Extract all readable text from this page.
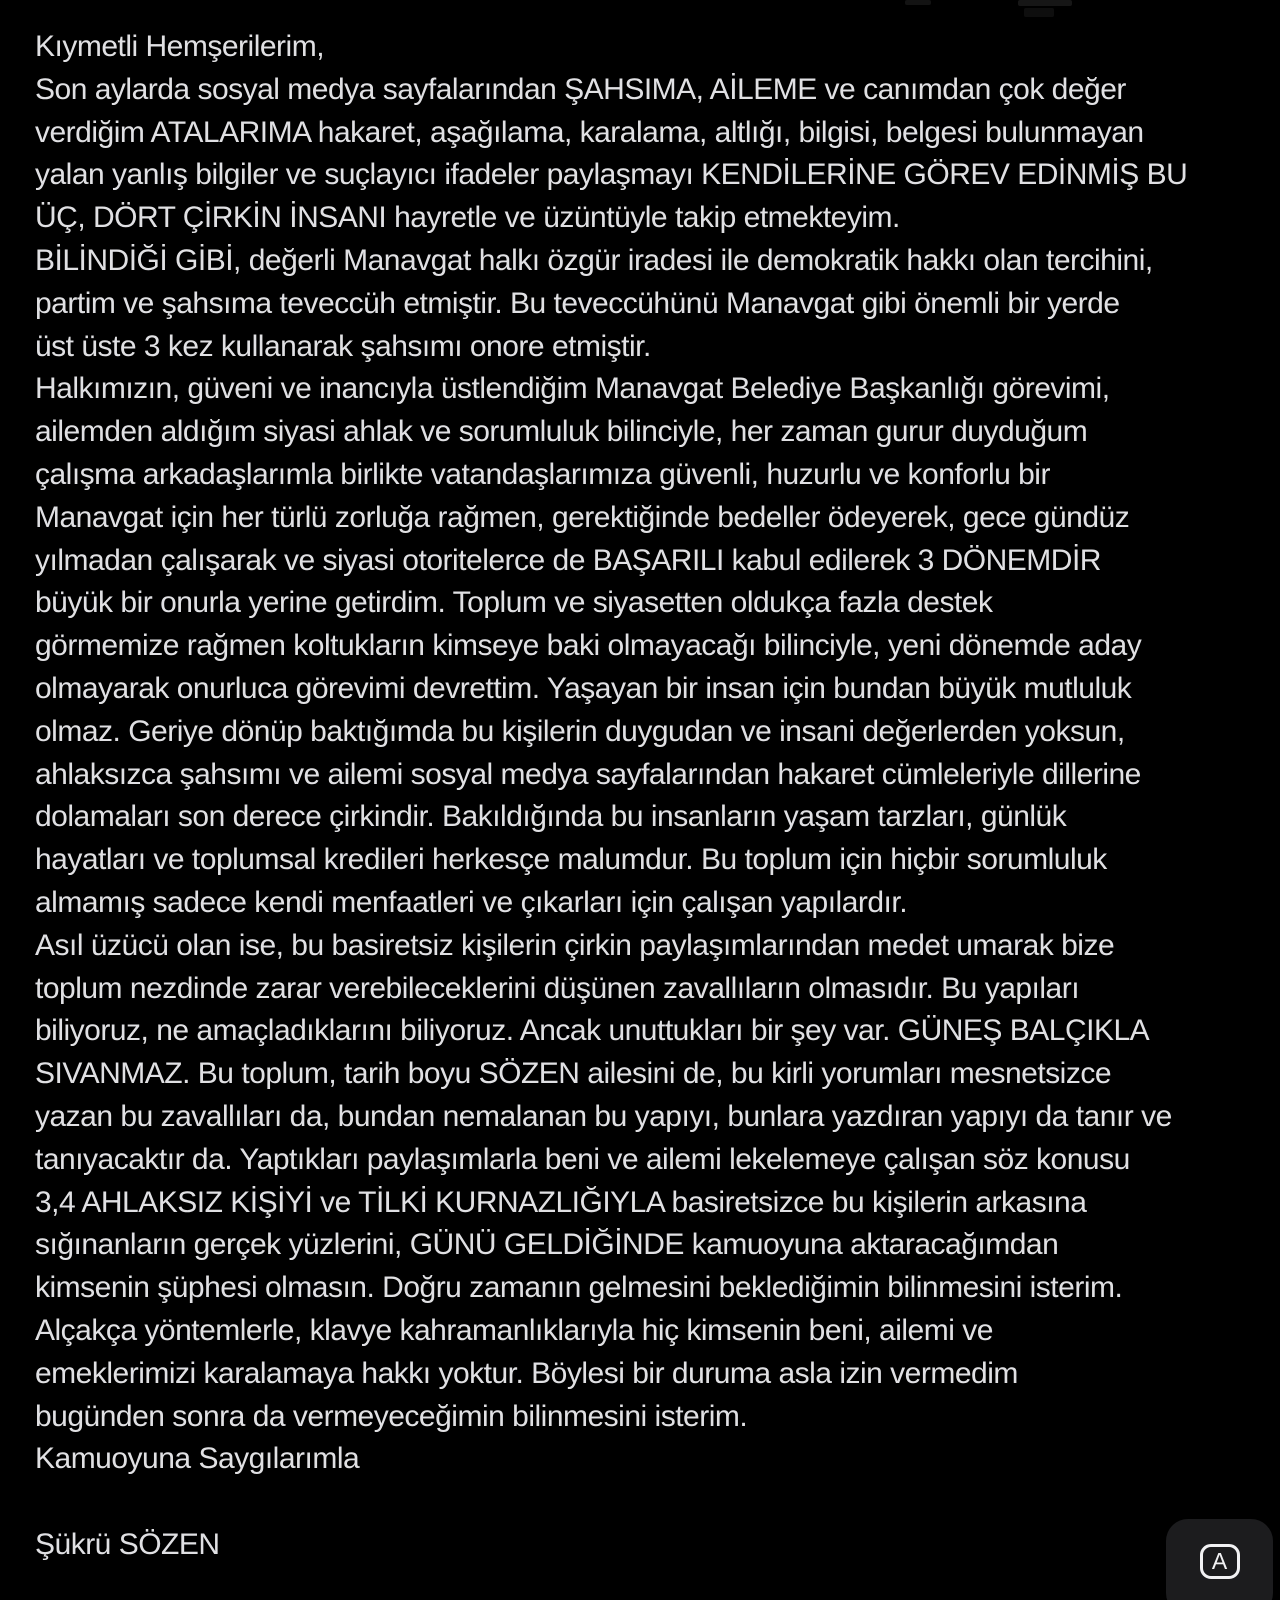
Kıymetli Hemşerilerim,
Son aylarda sosyal medya sayfalarından ŞAHSIMA, AİLEME ve canımdan çok değer
verdiğim ATALARIMA hakaret, aşağılama, karalama, altlığı, bilgisi, belgesi bulunmayan
yalan yanlış bilgiler ve suçlayıcı ifadeler paylaşmayı KENDİLERİNE GÖREV EDİNMİŞ BU
ÜÇ, DÖRT ÇİRKİN İNSANI hayretle ve üzüntüyle takip etmekteyim.
BİLİNDİĞİ GİBİ, değerli Manavgat halkı özgür iradesi ile demokratik hakkı olan tercihini,
partim ve şahsıma teveccüh etmiştir. Bu teveccühünü Manavgat gibi önemli bir yerde
üst üste 3 kez kullanarak şahsımı onore etmiştir.
Halkımızın, güveni ve inancıyla üstlendiğim Manavgat Belediye Başkanlığı görevimi,
ailemden aldığım siyasi ahlak ve sorumluluk bilinciyle, her zaman gurur duyduğum
çalışma arkadaşlarımla birlikte vatandaşlarımıza güvenli, huzurlu ve konforlu bir
Manavgat için her türlü zorluğa rağmen, gerektiğinde bedeller ödeyerek, gece gündüz
yılmadan çalışarak ve siyasi otoritelerce de BAŞARILI kabul edilerek 3 DÖNEMDİR
büyük bir onurla yerine getirdim. Toplum ve siyasetten oldukça fazla destek
görmemize rağmen koltukların kimseye baki olmayacağı bilinciyle, yeni dönemde aday
olmayarak onurluca görevimi devrettim. Yaşayan bir insan için bundan büyük mutluluk
olmaz. Geriye dönüp baktığımda bu kişilerin duygudan ve insani değerlerden yoksun,
ahlaksızca şahsımı ve ailemi sosyal medya sayfalarından hakaret cümleleriyle dillerine
dolamaları son derece çirkindir. Bakıldığında bu insanların yaşam tarzları, günlük
hayatları ve toplumsal kredileri herkesçe malumdur. Bu toplum için hiçbir sorumluluk
almamış sadece kendi menfaatleri ve çıkarları için çalışan yapılardır.
Asıl üzücü olan ise, bu basiretsiz kişilerin çirkin paylaşımlarından medet umarak bize
toplum nezdinde zarar verebileceklerini düşünen zavallıların olmasıdır. Bu yapıları
biliyoruz, ne amaçladıklarını biliyoruz. Ancak unuttukları bir şey var. GÜNEŞ BALÇIKLA
SIVANMAZ. Bu toplum, tarih boyu SÖZEN ailesini de, bu kirli yorumları mesnetsizce
yazan bu zavallıları da, bundan nemalanan bu yapıyı, bunlara yazdıran yapıyı da tanır ve
tanıyacaktır da. Yaptıkları paylaşımlarla beni ve ailemi lekelemeye çalışan söz konusu
3,4 AHLAKSIZ KİŞİYİ ve TİLKİ KURNAZLIĞIYLA basiretsizce bu kişilerin arkasına
sığınanların gerçek yüzlerini, GÜNÜ GELDİĞİNDE kamuoyuna aktaracağımdan
kimsenin şüphesi olmasın. Doğru zamanın gelmesini beklediğimin bilinmesini isterim.
Alçakça yöntemlerle, klavye kahramanlıklarıyla hiç kimsenin beni, ailemi ve
emeklerimizi karalamaya hakkı yoktur. Böylesi bir duruma asla izin vermedim
bugünden sonra da vermeyeceğimin bilinmesini isterim.
Kamuoyuna Saygılarımla
Şükrü SÖZEN
A
